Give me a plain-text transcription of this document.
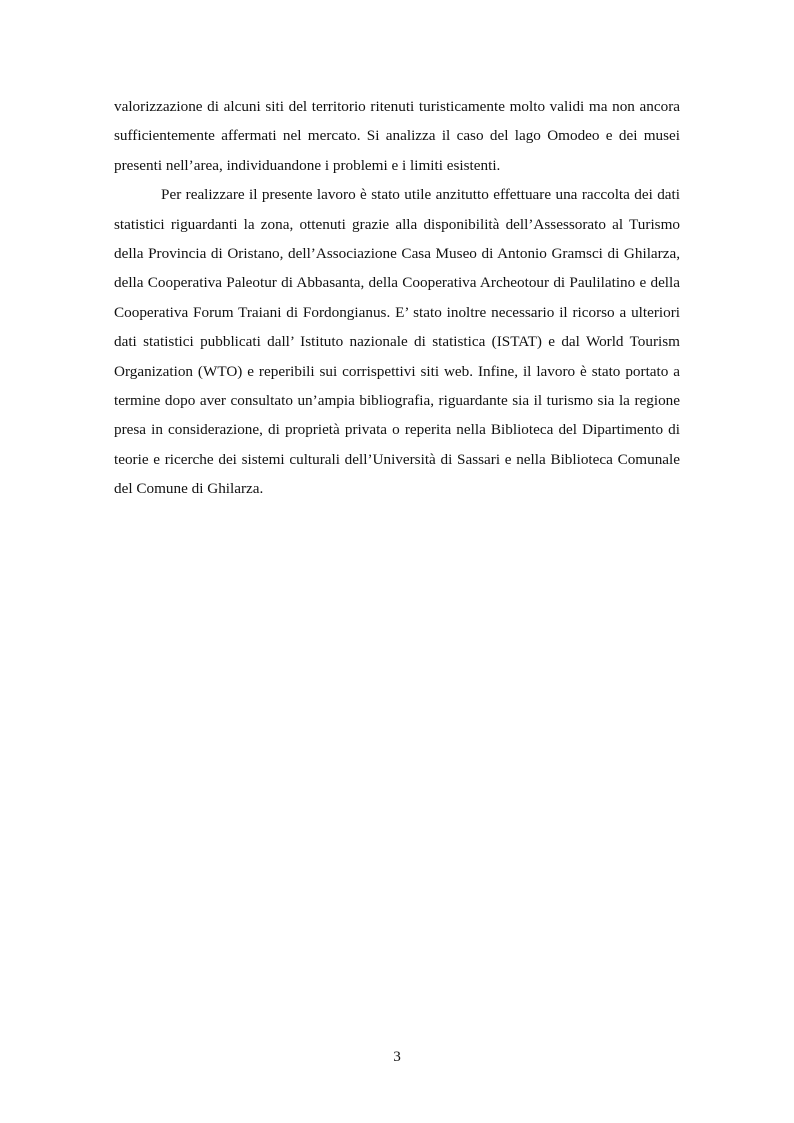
valorizzazione di alcuni siti del territorio ritenuti turisticamente molto validi ma non ancora sufficientemente affermati nel mercato. Si analizza il caso del lago Omodeo e dei musei presenti nell’area, individuandone i problemi e i limiti esistenti.

Per realizzare il presente lavoro è stato utile anzitutto effettuare una raccolta dei dati statistici riguardanti la zona, ottenuti grazie alla disponibilità dell’Assessorato al Turismo della Provincia di Oristano, dell’Associazione Casa Museo di Antonio Gramsci di Ghilarza, della Cooperativa Paleotur di Abbasanta, della Cooperativa Archeotour di Paulilatino e della Cooperativa Forum Traiani di Fordongianus. E’ stato inoltre necessario il ricorso a ulteriori dati statistici pubblicati dall’ Istituto nazionale di statistica (ISTAT) e dal World Tourism Organization (WTO) e reperibili sui corrispettivi siti web. Infine, il lavoro è stato portato a termine dopo aver consultato un’ampia bibliografia, riguardante sia il turismo sia la regione presa in considerazione, di proprietà privata o reperita nella Biblioteca del Dipartimento di teorie e ricerche dei sistemi culturali dell’Università di Sassari e nella Biblioteca Comunale del Comune di Ghilarza.

3
